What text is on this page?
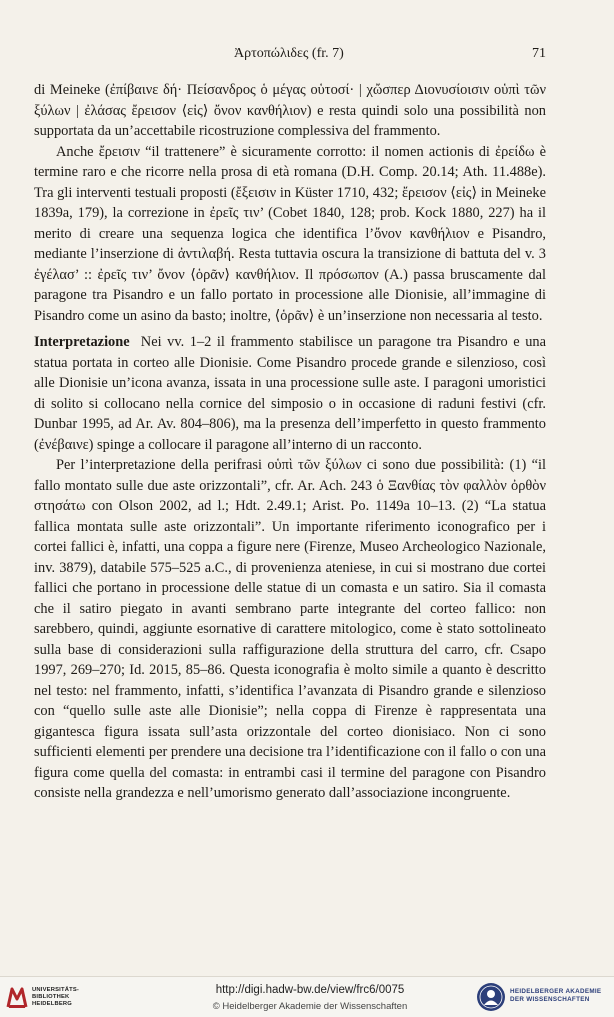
Ἀρτοπώλιδες (fr. 7)	71

di Meineke (ἐπίβαινε δή· Πείσανδρος ὁ μέγας οὑτοσί· | χὤσπερ Διονυσίοισιν οὑπὶ τῶν ξύλων | ἐλάσας ἔρεισον ⟨εἰς⟩ ὄνον κανθήλιον) e resta quindi solo una possibilità non supportata da un’accettabile ricostruzione complessiva del frammento.

Anche ἔρεισιν “il trattenere” è sicuramente corrotto: il nomen actionis di ἐρείδω è termine raro e che ricorre nella prosa di età romana (D.H. Comp. 20.14; Ath. 11.488e). Tra gli interventi testuali proposti (ἔξεισιν in Küster 1710, 432; ἔρεισον ⟨εἰς⟩ in Meineke 1839a, 179), la correzione in ἐρεῖς τιν’ (Cobet 1840, 128; prob. Kock 1880, 227) ha il merito di creare una sequenza logica che identifica l’ὄνον κανθήλιον e Pisandro, mediante l’inserzione di ἀντιλαβή. Resta tuttavia oscura la transizione di battuta del v. 3 ἐγέλασ’ :: ἐρεῖς τιν’ ὄνον ⟨ὁρᾶν⟩ κανθήλιον. Il πρόσωπον (A.) passa bruscamente dal paragone tra Pisandro e un fallo portato in processione alle Dionisie, all’immagine di Pisandro come un asino da basto; inoltre, ⟨ὁρᾶν⟩ è un’inserzione non necessaria al testo.

Interpretazione Nei vv. 1–2 il frammento stabilisce un paragone tra Pisandro e una statua portata in corteo alle Dionisie. Come Pisandro procede grande e silenzioso, così alle Dionisie un’icona avanza, issata in una processione sulle aste. I paragoni umoristici di solito si collocano nella cornice del simposio o in occasione di raduni festivi (cfr. Dunbar 1995, ad Ar. Av. 804–806), ma la presenza dell’imperfetto in questo frammento (ἐνέβαινε) spinge a collocare il paragone all’interno di un racconto.

Per l’interpretazione della perifrasi οὑπὶ τῶν ξύλων ci sono due possibilità: (1) “il fallo montato sulle due aste orizzontali”, cfr. Ar. Ach. 243 ὁ Ξανθίας τὸν φαλλὸν ὀρθὸν στησάτω con Olson 2002, ad l.; Hdt. 2.49.1; Arist. Po. 1149a 10–13. (2) “La statua fallica montata sulle aste orizzontali”. Un importante riferimento iconografico per i cortei fallici è, infatti, una coppa a figure nere (Firenze, Museo Archeologico Nazionale, inv. 3879), databile 575–525 a.C., di provenienza ateniese, in cui si mostrano due cortei fallici che portano in processione delle statue di un comasta e un satiro. Sia il comasta che il satiro piegato in avanti sembrano parte integrante del corteo fallico: non sarebbero, quindi, aggiunte esornative di carattere mitologico, come è stato sottolineato sulla base di considerazioni sulla raffigurazione della struttura del carro, cfr. Csapo 1997, 269–270; Id. 2015, 85–86. Questa iconografia è molto simile a quanto è descritto nel testo: nel frammento, infatti, s’identifica l’avanzata di Pisandro grande e silenzioso con “quello sulle aste alle Dionisie”; nella coppa di Firenze è rappresentata una gigantesca figura issata sull’asta orizzontale del corteo dionisiaco. Non ci sono sufficienti elementi per prendere una decisione tra l’identificazione con il fallo o con una figura come quella del comasta: in entrambi casi il termine del paragone con Pisandro consiste nella grandezza e nell’umorismo generato dall’associazione incongruente.

UNIVERSITÄTS-
BIBLIOTHEK
HEIDELBERG
http://digi.hadw-bw.de/view/frc6/0075
© Heidelberger Akademie der Wissenschaften
HEIDELBERGER AKADEMIE
DER WISSENSCHAFTEN
